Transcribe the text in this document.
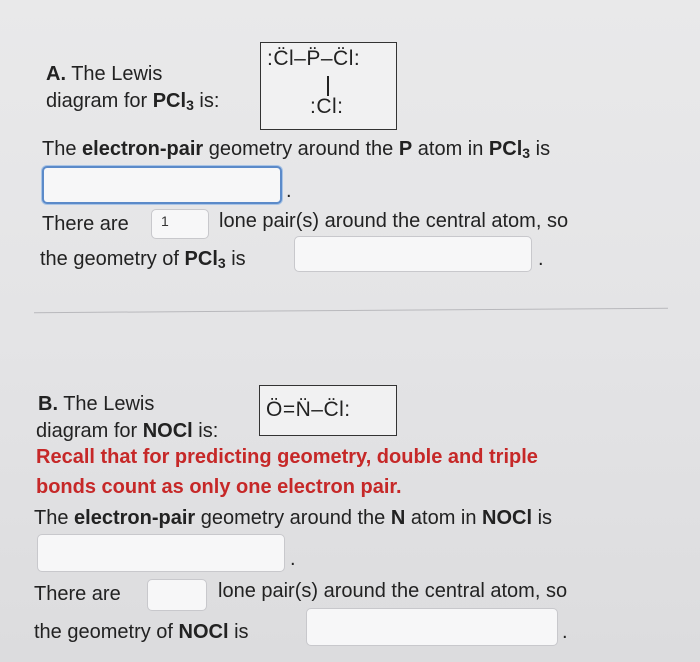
A. The Lewis
diagram for PCl$_3$ is:
:C̈l–P̈–C̈l:
:Cl:
The electron-pair geometry around the P atom in PCl$_3$ is
.
There are 1	lone pair(s) around the central atom, so
the geometry of PCl$_3$ is	.
B. The Lewis
diagram for NOCl is:
Ö=N̈–C̈l:
Recall that for predicting geometry, double and triple
bonds count as only one electron pair.
The electron-pair geometry around the N atom in NOCl is
.
There are	lone pair(s) around the central atom, so
the geometry of NOCl is	.
